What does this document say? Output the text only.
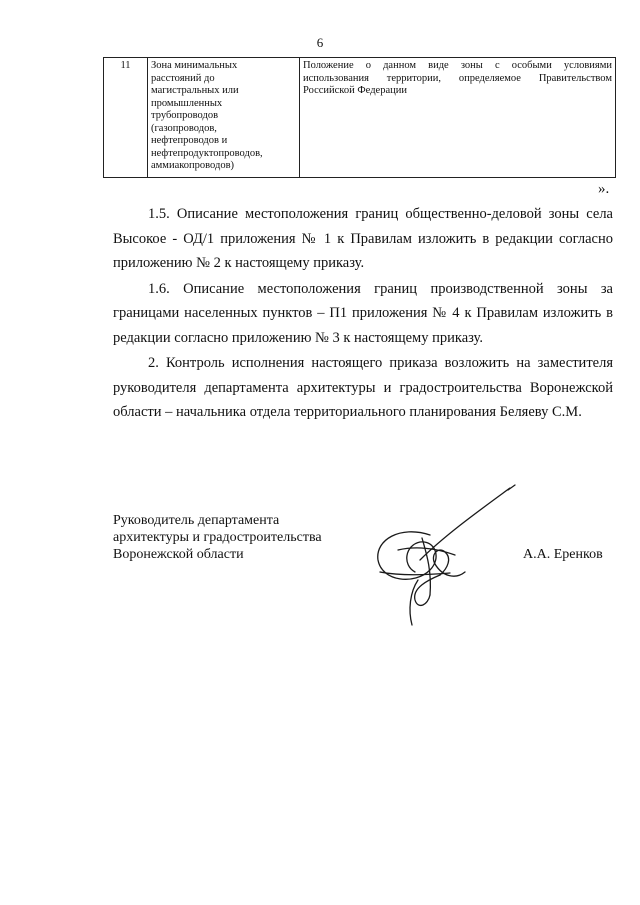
6
11	Зона минимальных
расстояний до
магистральных или
промышленных
трубопроводов
(газопроводов,
нефтепроводов и
нефтепродуктопроводов,
аммиакопроводов)	Положение о данном виде зоны с особыми условиями использования территории, определяемое Правительством Российской Федерации
».

1.5. Описание местоположения границ общественно-деловой зоны села Высокое - ОД/1 приложения № 1 к Правилам изложить в редакции согласно приложению № 2 к настоящему приказу.

1.6. Описание местоположения границ производственной зоны за границами населенных пунктов – П1 приложения № 4 к Правилам изложить в редакции согласно приложению № 3 к настоящему приказу.

2. Контроль исполнения настоящего приказа возложить на заместителя руководителя департамента архитектуры и градостроительства Воронежской области – начальника отдела территориального планирования Беляеву С.М.

Руководитель департамента
архитектуры и градостроительства
Воронежской области	А.А. Еренков
